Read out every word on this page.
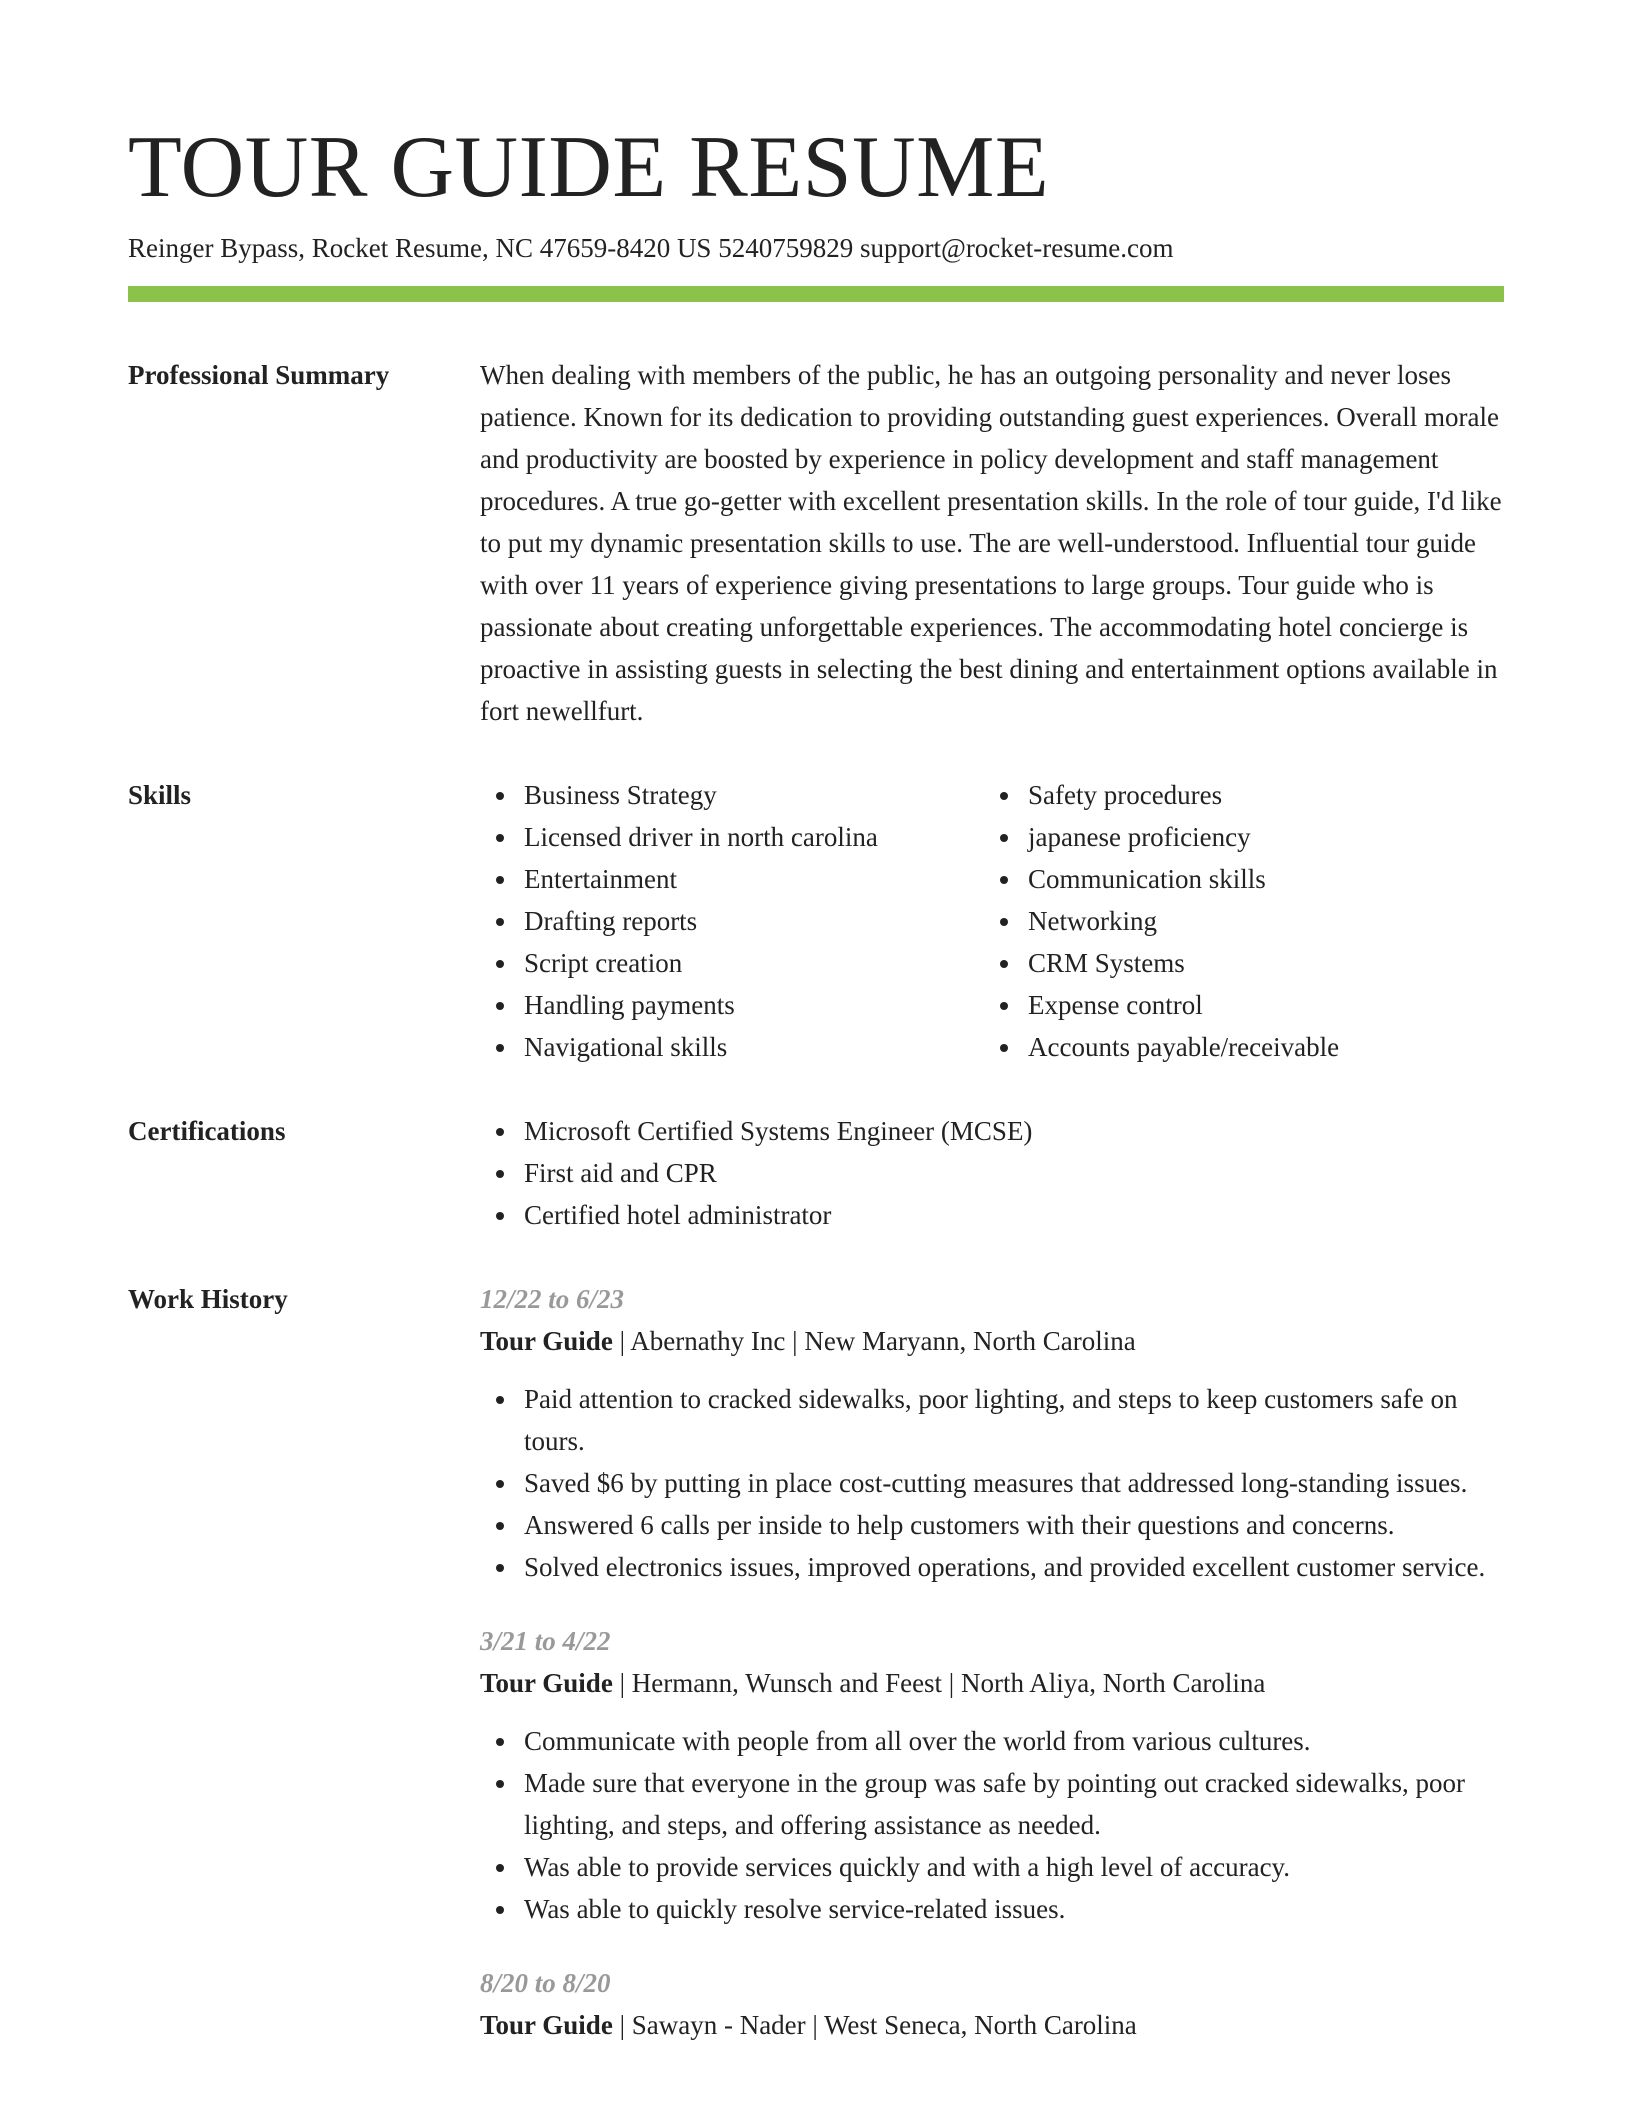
TOUR GUIDE RESUME
Reinger Bypass, Rocket Resume, NC 47659-8420 US 5240759829 support@rocket-resume.com
Professional Summary	When dealing with members of the public, he has an outgoing personality and never loses patience. Known for its dedication to providing outstanding guest experiences. Overall morale and productivity are boosted by experience in policy development and staff management procedures. A true go-getter with excellent presentation skills. In the role of tour guide, I'd like to put my dynamic presentation skills to use. The are well-understood. Influential tour guide with over 11 years of experience giving presentations to large groups. Tour guide who is passionate about creating unforgettable experiences. The accommodating hotel concierge is proactive in assisting guests in selecting the best dining and entertainment options available in fort newellfurt.

Skills	Business Strategy
Licensed driver in north carolina
Entertainment
Drafting reports
Script creation
Handling payments
Navigational skills
Safety procedures
japanese proficiency
Communication skills
Networking
CRM Systems
Expense control
Accounts payable/receivable
Certifications	Microsoft Certified Systems Engineer (MCSE)
First aid and CPR
Certified hotel administrator
Work History	12/22 to 6/23
Tour Guide | Abernathy Inc | New Maryann, North Carolina
Paid attention to cracked sidewalks, poor lighting, and steps to keep customers safe on tours.
Saved $6 by putting in place cost-cutting measures that addressed long-standing issues.
Answered 6 calls per inside to help customers with their questions and concerns.
Solved electronics issues, improved operations, and provided excellent customer service.
3/21 to 4/22
Tour Guide | Hermann, Wunsch and Feest | North Aliya, North Carolina
Communicate with people from all over the world from various cultures.
Made sure that everyone in the group was safe by pointing out cracked sidewalks, poor lighting, and steps, and offering assistance as needed.
Was able to provide services quickly and with a high level of accuracy.
Was able to quickly resolve service-related issues.
8/20 to 8/20
Tour Guide | Sawayn - Nader | West Seneca, North Carolina
